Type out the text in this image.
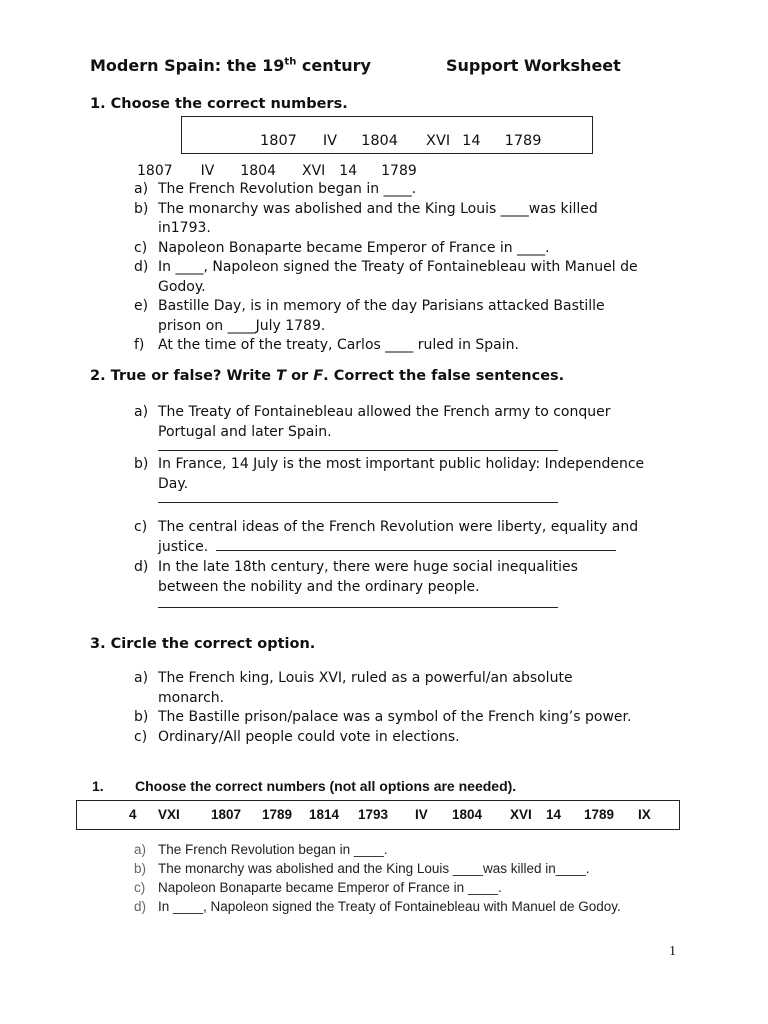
Modern Spain: the 19th century	Support Worksheet
1. Choose the correct numbers.
1807 IV 1804 XVI 14 1789
1807 IV 1804 XVI 14 1789
a) The French Revolution began in ____.
b) The monarchy was abolished and the King Louis ____was killed in1793.
c) Napoleon Bonaparte became Emperor of France in ____.
d) In ____, Napoleon signed the Treaty of Fontainebleau with Manuel de Godoy.
e) Bastille Day, is in memory of the day Parisians attacked Bastille prison on ____July 1789.
f) At the time of the treaty, Carlos ____ ruled in Spain.
2. True or false? Write T or F. Correct the false sentences.
a) The Treaty of Fontainebleau allowed the French army to conquer Portugal and later Spain.
b) In France, 14 July is the most important public holiday: Independence Day.
c) The central ideas of the French Revolution were liberty, equality and justice.
d) In the late 18th century, there were huge social inequalities between the nobility and the ordinary people.
3. Circle the correct option.
a) The French king, Louis XVI, ruled as a powerful/an absolute monarch.
b) The Bastille prison/palace was a symbol of the French king’s power.
c) Ordinary/All people could vote in elections.
1. Choose the correct numbers (not all options are needed).
4 VXI 1807 1789 1814 1793 IV 1804 XVI 14 1789 IX
a) The French Revolution began in ____.
b) The monarchy was abolished and the King Louis ____was killed in____.
c) Napoleon Bonaparte became Emperor of France in ____.
d) In ____, Napoleon signed the Treaty of Fontainebleau with Manuel de Godoy.
1
